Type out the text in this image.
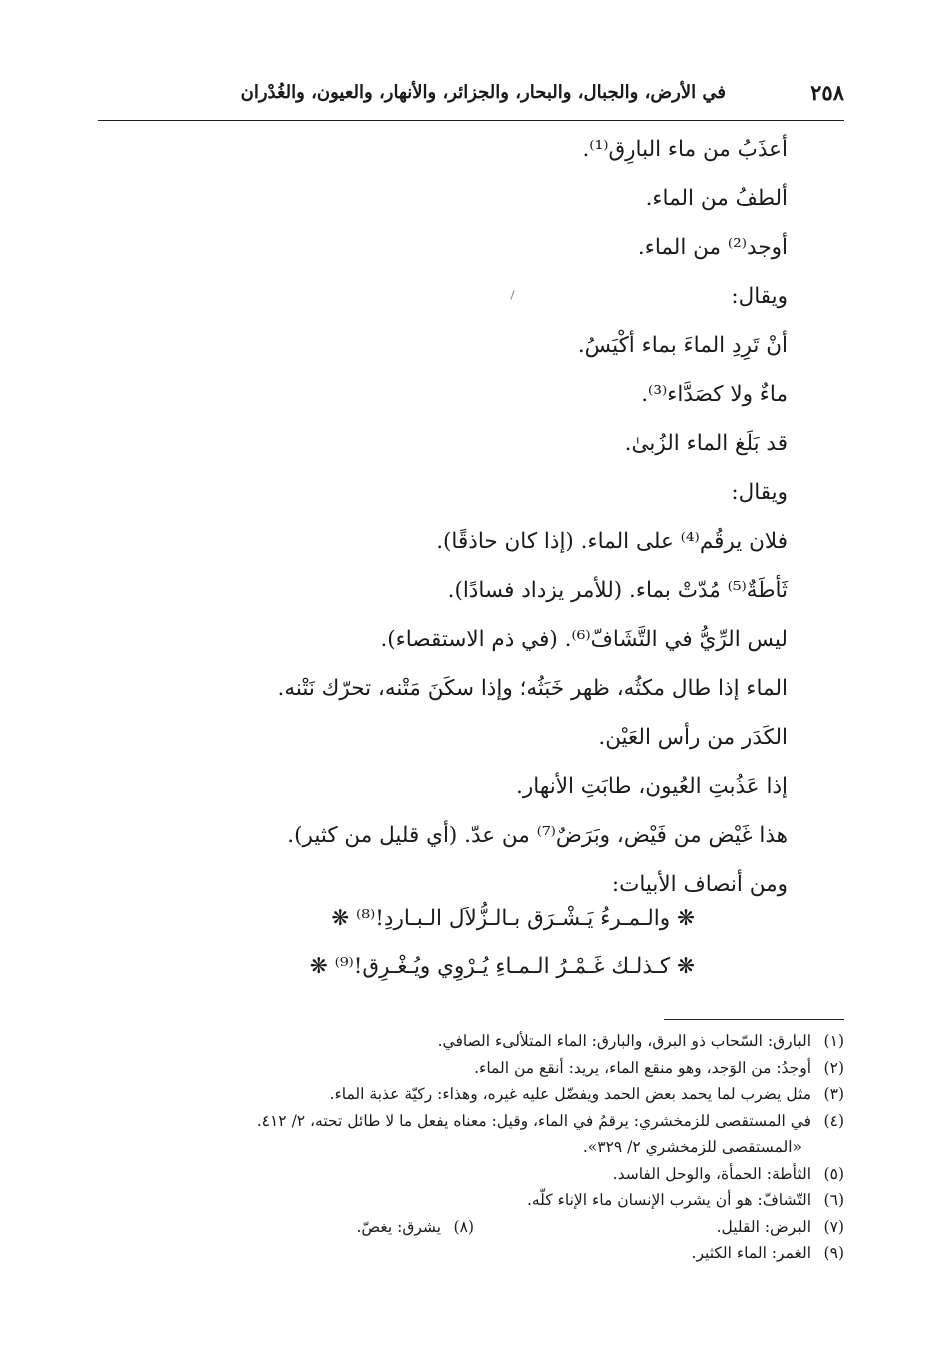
٢٥٨
في الأرض، والجبال، والبحار، والجزائر، والأنهار، والعيون، والغُدْران
أعذَبُ من ماء البارِق⁽¹⁾.
ألطفُ من الماء.
أوجد⁽²⁾ من الماء.
ويقال:
أنْ تَرِدِ الماءَ بماء أكْيَسُ.
ماءٌ ولا كصَدَّاء⁽³⁾.
قد بَلَغ الماء الزُبىٰ.
ويقال:
فلان يرقُم⁽⁴⁾ على الماء. (إذا كان حاذقًا).
ثَأطَةٌ⁽⁵⁾ مُدّتْ بماء. (للأمر يزداد فسادًا).
ليس الرِّيُّ في التَّشَافّ⁽⁶⁾. (في ذم الاستقصاء).
الماء إذا طال مكثُه، ظهر خَبَثُه؛ وإذا سكَنَ مَتْنه، تحرّك نَتْنه.
الكَدَر من رأس العَيْن.
إذا عَذُبتِ العُيون، طابَتِ الأنهار.
هذا غَيْض من فَيْض، وبَرَضٌ⁽⁷⁾ من عدّ. (أي قليل من كثير).
ومن أنصاف الأبيات:
❋ والـمـرءُ يَـشْـرَق بـالـزُّلاَل الـبـاردِ!⁽⁸⁾ ❋
❋ كـذلـك غَـمْـرُ الـمـاءِ يُـرْوِي ويُـغْـرِق!⁽⁹⁾ ❋
(١) البارق: السّحاب ذو البرق، والبارق: الماء المتلألىء الصافي.
(٢) أوجدُ: من الوَجد، وهو منقع الماء، يريد: أنقع من الماء.
(٣) مثل يضرب لما يحمد بعض الحمد ويفضّل عليه غيره، وهذاء: ركيّة عذبة الماء.
(٤) في المستقصى للزمخشري: يرقمُ في الماء، وقيل: معناه يفعل ما لا طائل تحته، ٢/ ٤١٢.
«المستقصى للزمخشري ٢/ ٣٢٩».
(٥) الثأطة: الحمأة، والوحل الفاسد.
(٦) التّشافّ: هو أن يشرب الإنسان ماء الإناء كلّه.
(٧) البرض: القليل.
(٨) يشرق: يغصّ.
(٩) الغمر: الماء الكثير.
